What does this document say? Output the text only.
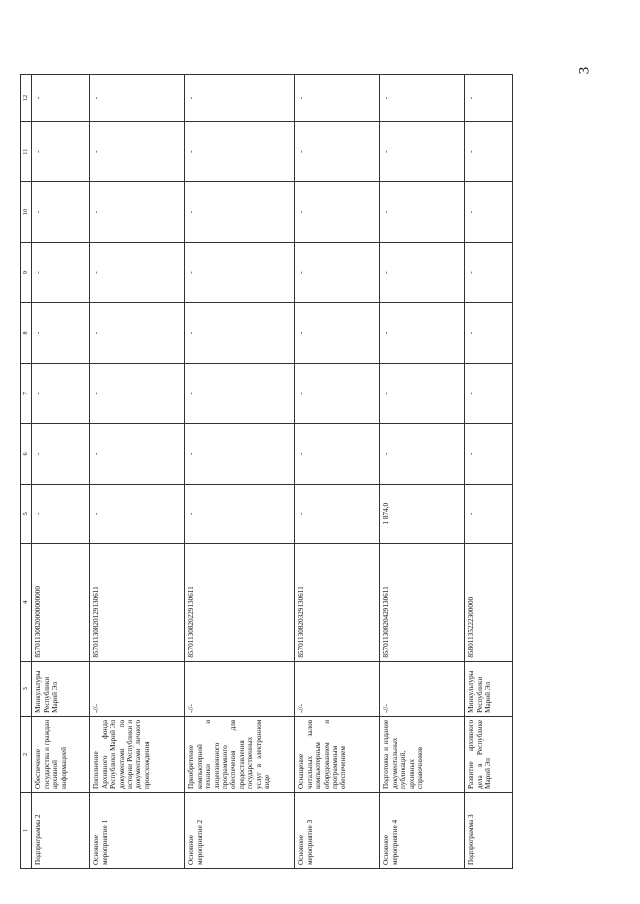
3
1	2	3	4	5	6	7	8	9	10	11	12
Подпрограмма 2	Обеспечение государства и граждан архивной информацией	Минкультуры Республики Марий Эл	85701130820000000000	-	-	-	-	-	-	-	-
Основное мероприятие 1	Пополнение Архивного фонда Республики Марий Эл документами по истории Республики и документами личного происхождения	-//-	85701130820129130611	-	-	-	-	-	-	-	-
Основное мероприятие 2	Приобретение компьютерной техники и лицензионного программного обеспечения для предоставления государственных услуг в электронном виде	-//-	85701130820229130611	-	-	-	-	-	-	-	-
Основное мероприятие 3	Оснащение читальных залов компьютерным оборудованием и программным обеспечением	-//-	85701130820329130611	-	-	-	-	-	-	-	-
Основное мероприятие 4	Подготовка и издание документальных публикаций, архивных справочников	-//-	85701130820429130611	1 874,0	-	-	-	-	-	-	-
Подпрограмма 3	Развитие архивного дела в Республике Марий Эл	Минкультуры Республики Марий Эл	85801135222300000	-	-	-	-	-	-	-	-
